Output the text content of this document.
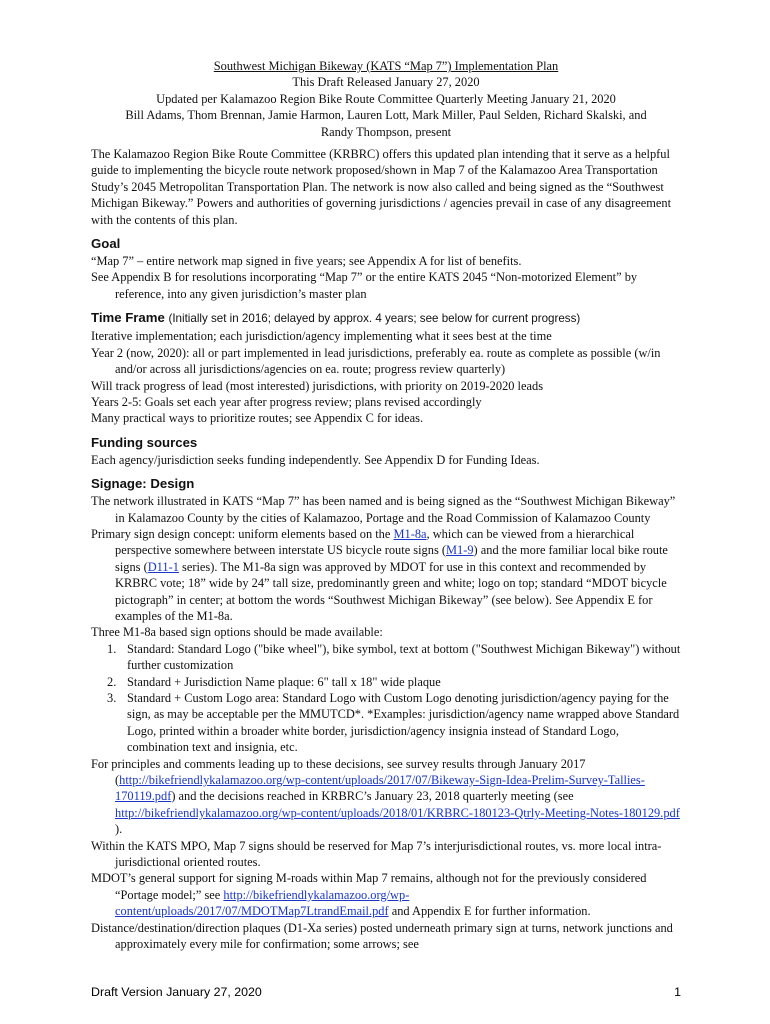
Southwest Michigan Bikeway (KATS “Map 7”) Implementation Plan

This Draft Released January 27, 2020

Updated per Kalamazoo Region Bike Route Committee Quarterly Meeting January 21, 2020

Bill Adams, Thom Brennan, Jamie Harmon, Lauren Lott, Mark Miller, Paul Selden, Richard Skalski, and

Randy Thompson, present

The Kalamazoo Region Bike Route Committee (KRBRC) offers this updated plan intending that it serve as a helpful guide to implementing the bicycle route network proposed/shown in Map 7 of the Kalamazoo Area Transportation Study’s 2045 Metropolitan Transportation Plan. The network is now also called and being signed as the “Southwest Michigan Bikeway.” Powers and authorities of governing jurisdictions / agencies prevail in case of any disagreement with the contents of this plan.

Goal

“Map 7” – entire network map signed in five years; see Appendix A for list of benefits.

See Appendix B for resolutions incorporating “Map 7” or the entire KATS 2045 “Non-motorized Element” by reference, into any given jurisdiction’s master plan

Time Frame (Initially set in 2016; delayed by approx. 4 years; see below for current progress)

Iterative implementation; each jurisdiction/agency implementing what it sees best at the time

Year 2 (now, 2020): all or part implemented in lead jurisdictions, preferably ea. route as complete as possible (w/in and/or across all jurisdictions/agencies on ea. route; progress review quarterly)

Will track progress of lead (most interested) jurisdictions, with priority on 2019-2020 leads

Years 2-5: Goals set each year after progress review; plans revised accordingly

Many practical ways to prioritize routes; see Appendix C for ideas.

Funding sources

Each agency/jurisdiction seeks funding independently. See Appendix D for Funding Ideas.

Signage: Design

The network illustrated in KATS “Map 7” has been named and is being signed as the “Southwest Michigan Bikeway” in Kalamazoo County by the cities of Kalamazoo, Portage and the Road Commission of Kalamazoo County

Primary sign design concept: uniform elements based on the M1-8a, which can be viewed from a hierarchical perspective somewhere between interstate US bicycle route signs (M1-9) and the more familiar local bike route signs (D11-1 series). The M1-8a sign was approved by MDOT for use in this context and recommended by KRBRC vote; 18” wide by 24” tall size, predominantly green and white; logo on top; standard “MDOT bicycle pictograph” in center; at bottom the words “Southwest Michigan Bikeway” (see below). See Appendix E for examples of the M1-8a.

Three M1-8a based sign options should be made available:

1. Standard: Standard Logo ("bike wheel"), bike symbol, text at bottom ("Southwest Michigan Bikeway") without further customization
2. Standard + Jurisdiction Name plaque: 6" tall x 18" wide plaque
3. Standard + Custom Logo area: Standard Logo with Custom Logo denoting jurisdiction/agency paying for the sign, as may be acceptable per the MMUTCD*. *Examples: jurisdiction/agency name wrapped above Standard Logo, printed within a broader white border, jurisdiction/agency insignia instead of Standard Logo, combination text and insignia, etc.

For principles and comments leading up to these decisions, see survey results through January 2017 (http://bikefriendlykalamazoo.org/wp-content/uploads/2017/07/Bikeway-Sign-Idea-Prelim-Survey-Tallies-170119.pdf) and the decisions reached in KRBRC’s January 23, 2018 quarterly meeting (see http://bikefriendlykalamazoo.org/wp-content/uploads/2018/01/KRBRC-180123-Qtrly-Meeting-Notes-180129.pdf ).

Within the KATS MPO, Map 7 signs should be reserved for Map 7’s interjurisdictional routes, vs. more local intra-jurisdictional oriented routes.

MDOT’s general support for signing M-roads within Map 7 remains, although not for the previously considered “Portage model;” see http://bikefriendlykalamazoo.org/wp-content/uploads/2017/07/MDOTMap7LtrandEmail.pdf and Appendix E for further information.

Distance/destination/direction plaques (D1-Xa series) posted underneath primary sign at turns, network junctions and approximately every mile for confirmation; some arrows; see

Draft Version January 27, 2020	1
